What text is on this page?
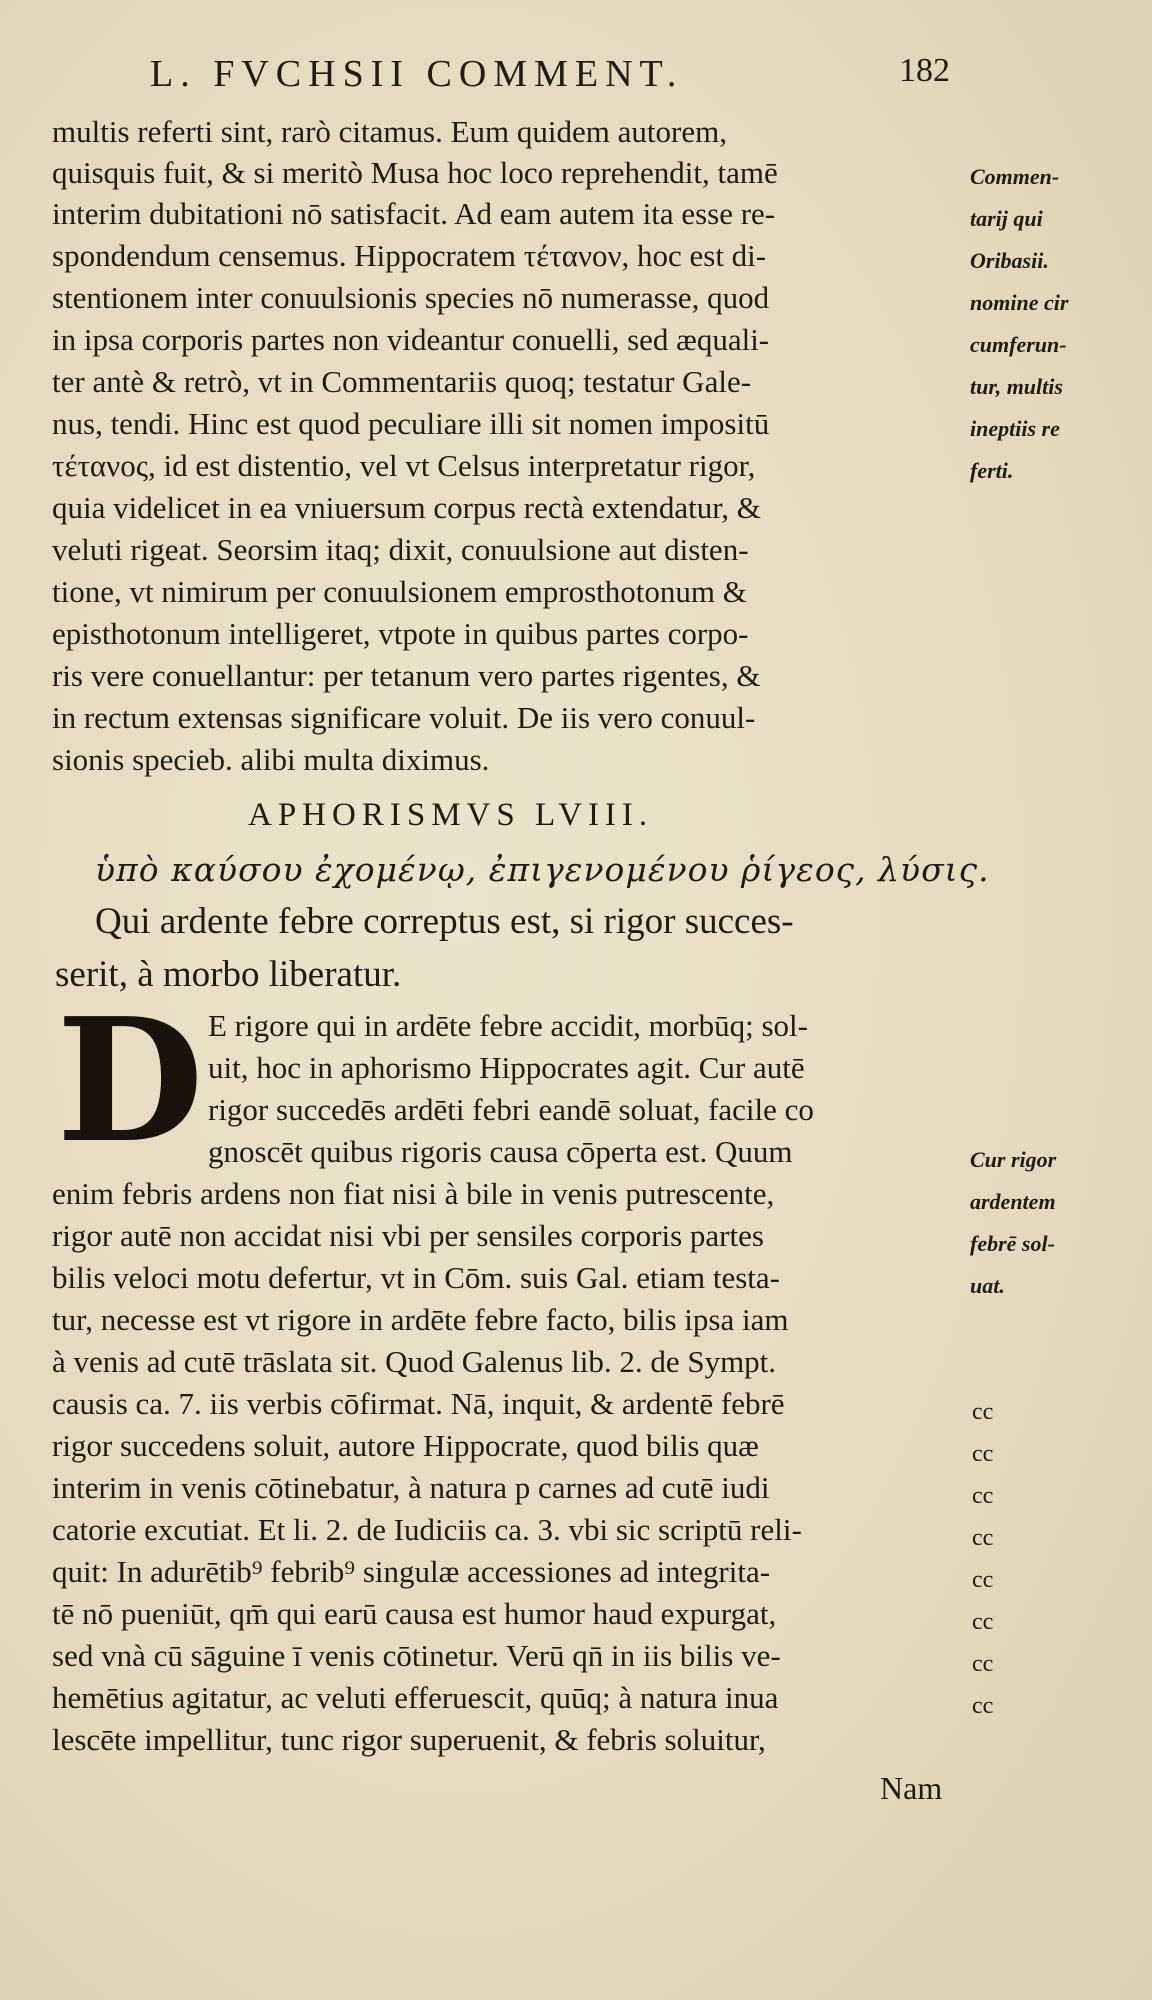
L. FVCHSII COMMENT.	182
multis referti sint, rarò citamus. Eum quidem autorem,
quisquis fuit, & si meritò Musa hoc loco reprehendit, tamē
interim dubitationi nō satisfacit. Ad eam autem ita esse re-
spondendum censemus. Hippocratem τέτανον, hoc est di-
stentionem inter conuulsionis species nō numerasse, quod
in ipsa corporis partes non videantur conuelli, sed æquali-
ter antè & retrò, vt in Commentariis quoq; testatur Gale-
nus, tendi. Hinc est quod peculiare illi sit nomen impositū
τέτανος, id est distentio, vel vt Celsus interpretatur rigor,
quia videlicet in ea vniuersum corpus rectà extendatur, &
veluti rigeat. Seorsim itaq; dixit, conuulsione aut disten-
tione, vt nimirum per conuulsionem emprosthotonum &
episthotonum intelligeret, vtpote in quibus partes corpo-
ris vere conuellantur: per tetanum vero partes rigentes, &
in rectum extensas significare voluit. De iis vero conuul-
sionis specieb. alibi multa diximus.
Commen-
tarij qui
Oribasii.
nomine cir
cumferun-
tur, multis
ineptiis re
ferti.
APHORISMVS LVIII.
ὑπὸ καύσου ἐχομένῳ, ἐπιγενομένου ῥίγεος, λύσις.
Qui ardente febre correptus est, si rigor succes-
serit, à morbo liberatur.
D E rigore qui in ardēte febre accidit, morbūq; sol-
uit, hoc in aphorismo Hippocrates agit. Cur autē
rigor succedēs ardēti febri eandē soluat, facile co
gnoscēt quibus rigoris causa cōperta est. Quum
enim febris ardens non fiat nisi à bile in venis putrescente,
rigor autē non accidat nisi vbi per sensiles corporis partes
bilis veloci motu defertur, vt in Cōm. suis Gal. etiam testa-
tur, necesse est vt rigore in ardēte febre facto, bilis ipsa iam
à venis ad cutē trāslata sit. Quod Galenus lib. 2. de Sympt.
causis ca. 7. iis verbis cōfirmat. Nā, inquit, & ardentē febrē
rigor succedens soluit, autore Hippocrate, quod bilis quæ
interim in venis cōtinebatur, à natura p carnes ad cutē iudi
catorie excutiat. Et li. 2. de Iudiciis ca. 3. vbi sic scriptū reli-
quit: In adurētib⁹ febrib⁹ singulæ accessiones ad integrita-
tē nō pueniūt, qm̄ qui earū causa est humor haud expurgat,
sed vnà cū sāguine ī venis cōtinetur. Verū qn̄ in iis bilis ve-
hemētius agitatur, ac veluti efferuescit, quūq; à natura inua
lescēte impellitur, tunc rigor superuenit, & febris soluitur,
Cur rigor
ardentem
febrē sol-
uat.
cc
cc
cc
cc
cc
cc
cc
cc
Nam
